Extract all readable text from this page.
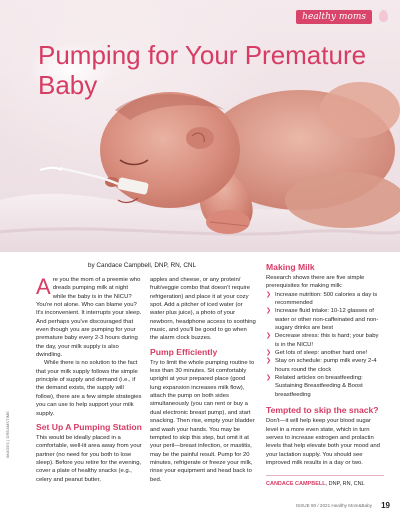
healthy moms
Pumping for Your Premature Baby
by Candace Campbell, DNP, RN, CNL

Are you the mom of a preemie who dreads pumping milk at night while the baby is in the NICU? You're not alone. Who can blame you? It's inconvenient. It interrupts your sleep. And perhaps you've discouraged that even though you are pumping for your premature baby every 2-3 hours during the day, your milk supply is also dwindling.

While there is no solution to the fact that your milk supply follows the simple principle of supply and demand (i.e., if the demand exists, the supply will follow), there are a few simple strategies you can use to help support your milk supply.

Set Up A Pumping Station

This would be ideally placed in a comfortable, well-lit area away from your partner (no need for you both to lose sleep). Before you retire for the evening, cover a plate of healthy snacks (e.g., celery and peanut butter,

apples and cheese, or any protein/ fruit/veggie combo that doesn't require refrigeration) and place it at your cozy spot. Add a pitcher of iced water (or water plus juice), a photo of your newborn, headphone access to soothing music, and you'll be good to go when the alarm clock buzzes.

Pump Efficiently

Try to limit the whole pumping routine to less than 30 minutes. Sit comfortably upright at your prepared place (good lung expansion increases milk flow), attach the pump on both sides simultaneously (you can rent or buy a dual electronic breast pump), and start snacking. Then rise, empty your bladder and wash your hands. You may be tempted to skip this step, but omit it at your peril—breast infection, or mastitis, may be the painful result. Pump for 20 minutes, refrigerate or freeze your milk, rinse your equipment and head back to bed.

Making Milk

Research shows there are five simple prerequisites for making milk:

❯ Increase nutrition: 500 calories a day is recommended
❯ Increase fluid intake: 10-12 glasses of water or other non-caffeinated and non-sugary drinks are best
❯ Decrease stress: this is hard; your baby is in the NICU!
❯ Get lots of sleep: another hard one!
❯ Stay on schedule: pump milk every 2-4 hours round the clock
❯ Related articles on breastfeeding: Sustaining Breastfeeding & Boost breastfeeding
Tempted to skip the snack?

Don't—it will help keep your blood sugar level in a more even state, which in turn serves to increase estrogen and prolactin levels that help elevate both your mood and your lactation supply. You should see improved milk results in a day or two.

CANDACE CAMPBELL, DNP, RN, CNL
IMAGES | DREAMSTIME
ISSUE 80 / 2021 Healthy Mom&Baby 19
